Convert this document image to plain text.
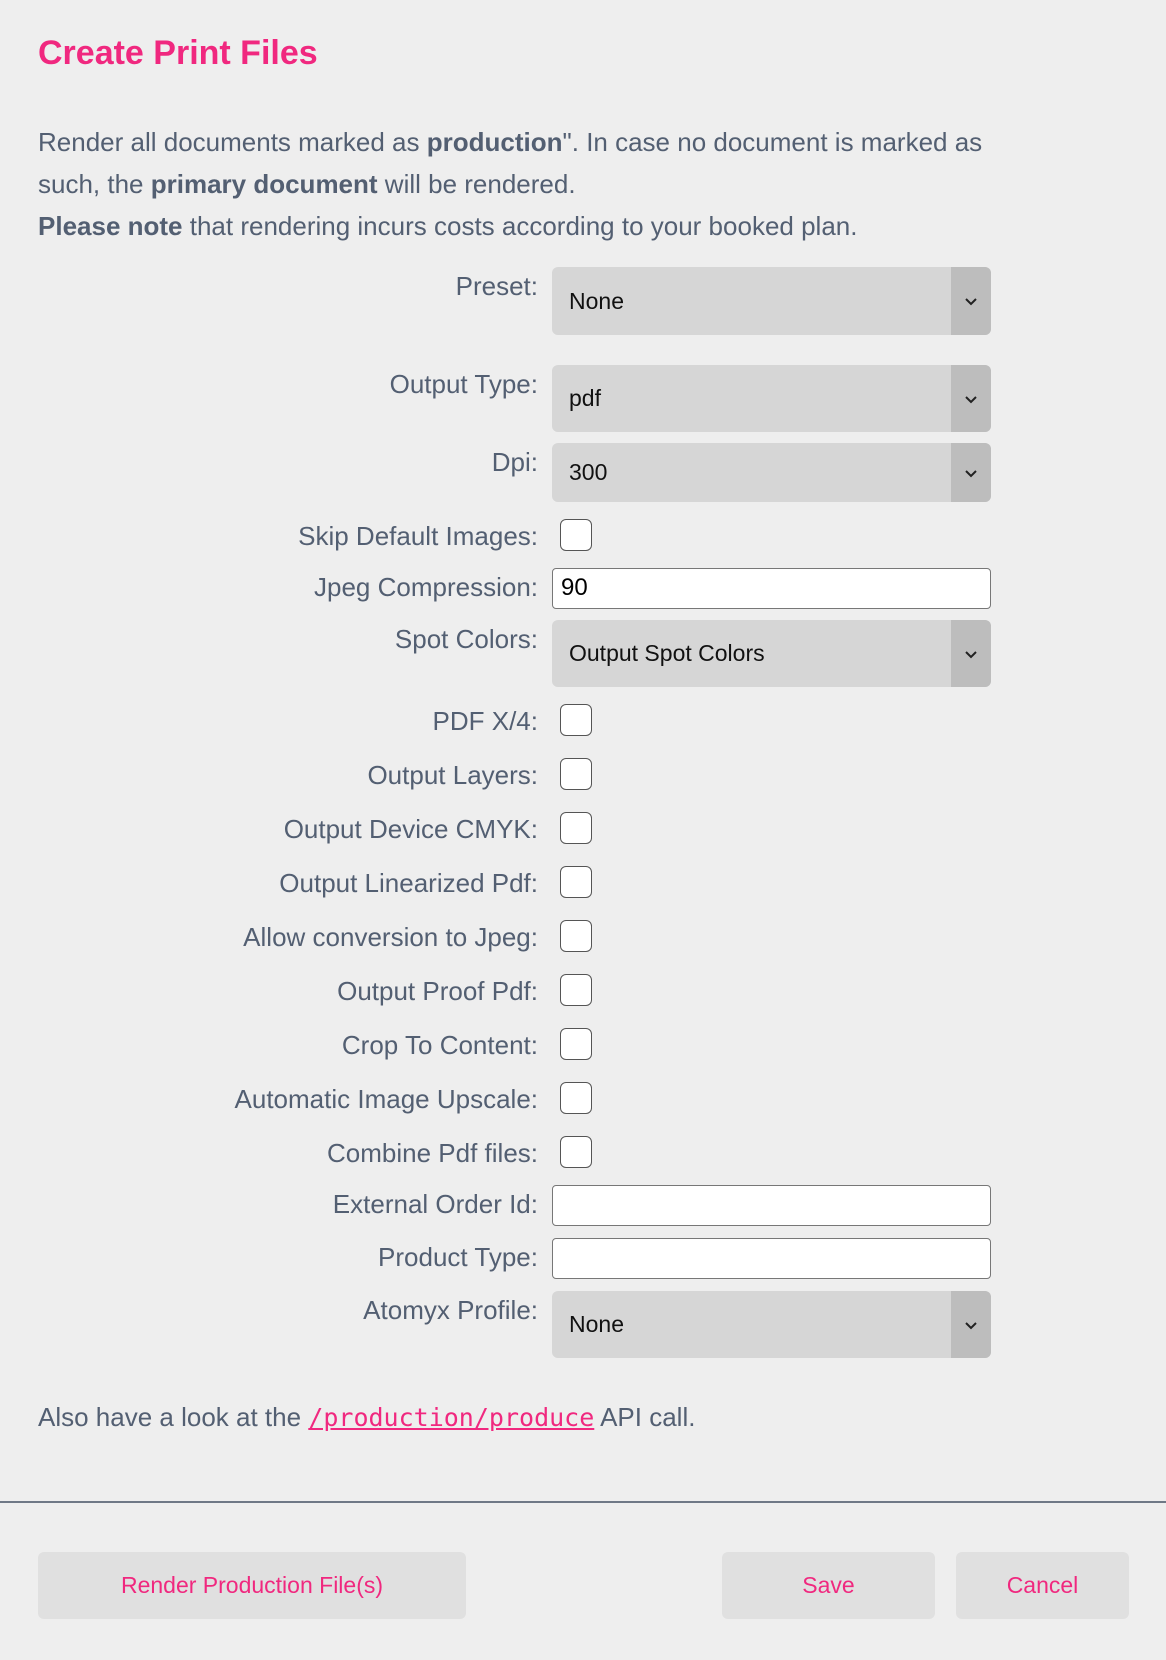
Create Print Files
Render all documents marked as production". In case no document is marked as
such, the primary document will be rendered.
Please note that rendering incurs costs according to your booked plan.
Preset: None
Output Type: pdf
Dpi: 300
Skip Default Images:
Jpeg Compression: 90
Spot Colors: Output Spot Colors
PDF X/4:
Output Layers:
Output Device CMYK:
Output Linearized Pdf:
Allow conversion to Jpeg:
Output Proof Pdf:
Crop To Content:
Automatic Image Upscale:
Combine Pdf files:
External Order Id:
Product Type:
Atomyx Profile: None
Also have a look at the /production/produce API call.
Render Production File(s)	Save	Cancel
